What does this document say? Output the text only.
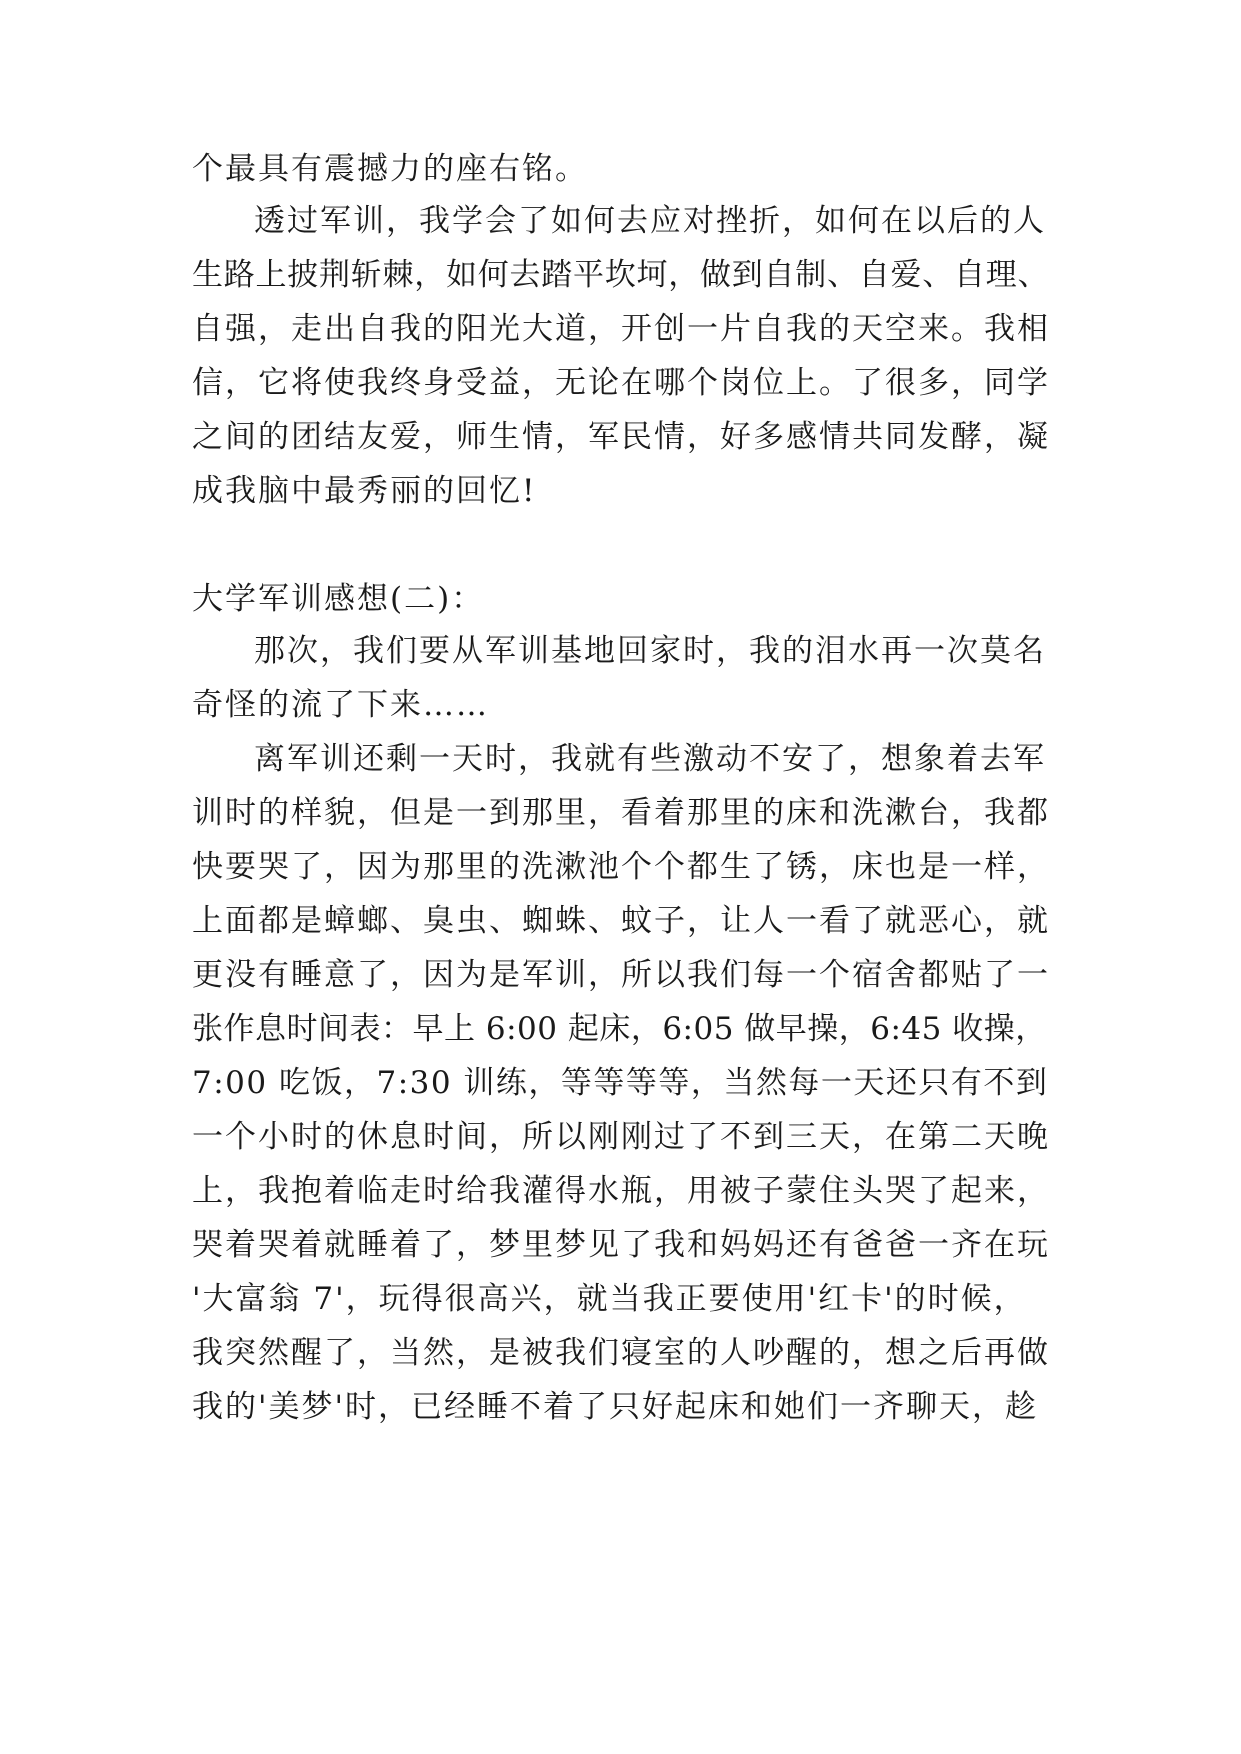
个最具有震撼力的座右铭。
透过军训，我学会了如何去应对挫折，如何在以后的人
生路上披荆斩棘，如何去踏平坎坷，做到自制、自爱、自理、
自强，走出自我的阳光大道，开创一片自我的天空来。我相
信，它将使我终身受益，无论在哪个岗位上。了很多，同学
之间的团结友爱，师生情，军民情，好多感情共同发酵，凝
成我脑中最秀丽的回忆!
大学军训感想(二)：
那次，我们要从军训基地回家时，我的泪水再一次莫名
奇怪的流了下来……
离军训还剩一天时，我就有些激动不安了，想象着去军
训时的样貌，但是一到那里，看着那里的床和洗漱台，我都
快要哭了，因为那里的洗漱池个个都生了锈，床也是一样，
上面都是蟑螂、臭虫、蜘蛛、蚊子，让人一看了就恶心，就
更没有睡意了，因为是军训，所以我们每一个宿舍都贴了一
张作息时间表：早上 6:00 起床，6:05 做早操，6:45 收操，
7:00 吃饭，7:30 训练，等等等等，当然每一天还只有不到
一个小时的休息时间，所以刚刚过了不到三天，在第二天晚
上，我抱着临走时给我灌得水瓶，用被子蒙住头哭了起来，
哭着哭着就睡着了，梦里梦见了我和妈妈还有爸爸一齐在玩
'大富翁 7'，玩得很高兴，就当我正要使用'红卡'的时候，
我突然醒了，当然，是被我们寝室的人吵醒的，想之后再做
我的'美梦'时，已经睡不着了只好起床和她们一齐聊天，趁
